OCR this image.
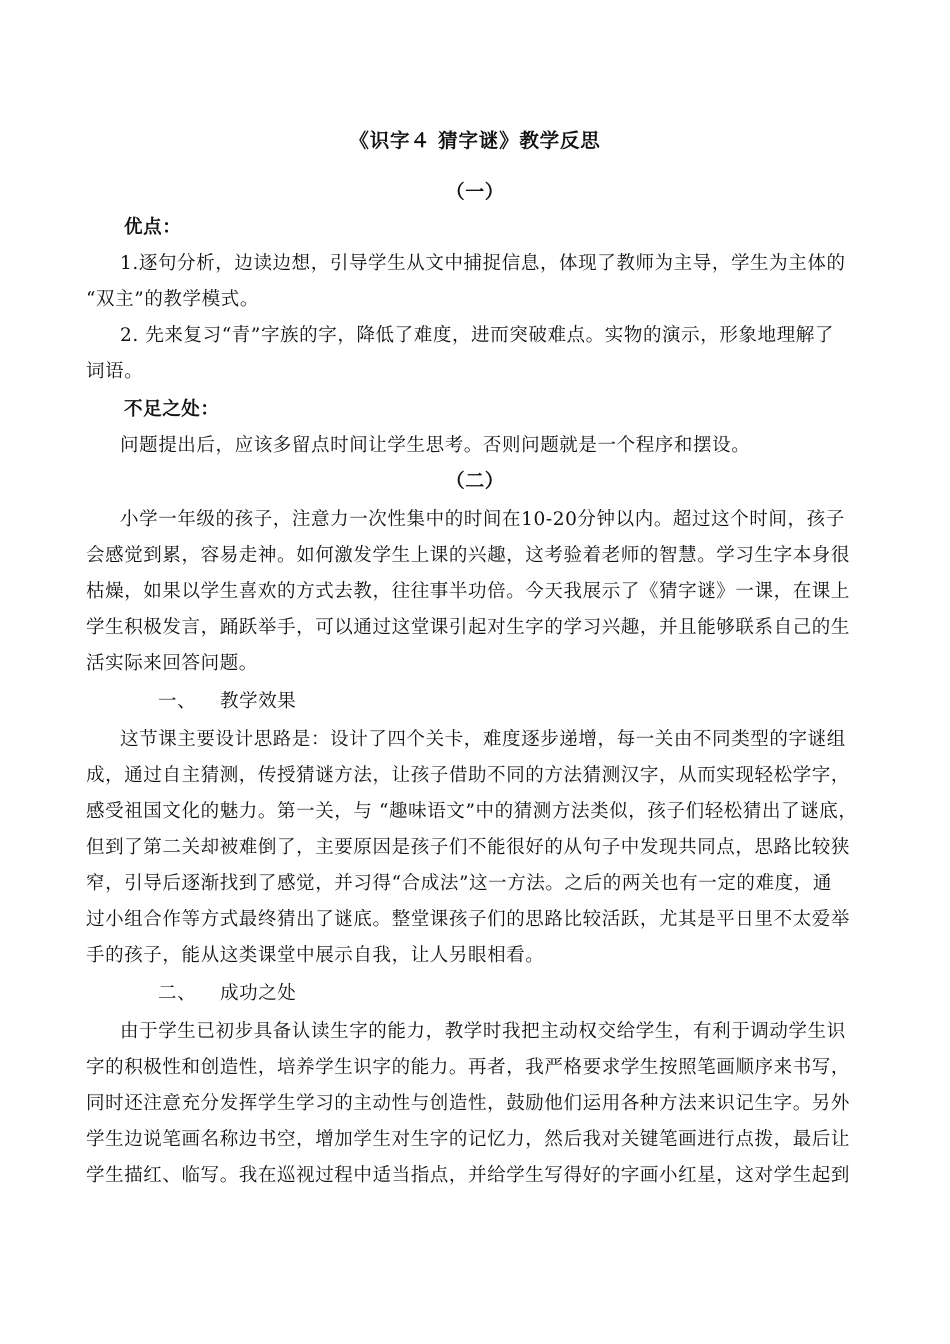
《识字４ 猜字谜》教学反思
（一）
优点：
1.逐句分析，边读边想，引导学生从文中捕捉信息，体现了教师为主导，学生为主体的
“双主”的教学模式。
2. 先来复习“青”字族的字，降低了难度，进而突破难点。实物的演示，形象地理解了
词语。
不足之处：
问题提出后，应该多留点时间让学生思考。否则问题就是一个程序和摆设。
（二）
小学一年级的孩子，注意力一次性集中的时间在10-20分钟以内。超过这个时间，孩子
会感觉到累，容易走神。如何激发学生上课的兴趣，这考验着老师的智慧。学习生字本身很
枯燥，如果以学生喜欢的方式去教，往往事半功倍。今天我展示了《猜字谜》一课，在课上
学生积极发言，踊跃举手，可以通过这堂课引起对生字的学习兴趣，并且能够联系自己的生
活实际来回答问题。
一、 教学效果
这节课主要设计思路是：设计了四个关卡，难度逐步递增，每一关由不同类型的字谜组
成，通过自主猜测，传授猜谜方法，让孩子借助不同的方法猜测汉字，从而实现轻松学字，
感受祖国文化的魅力。第一关，与 “趣味语文”中的猜测方法类似，孩子们轻松猜出了谜底，
但到了第二关却被难倒了，主要原因是孩子们不能很好的从句子中发现共同点，思路比较狭
窄，引导后逐渐找到了感觉，并习得“合成法”这一方法。之后的两关也有一定的难度，通
过小组合作等方式最终猜出了谜底。整堂课孩子们的思路比较活跃，尤其是平日里不太爱举
手的孩子，能从这类课堂中展示自我，让人另眼相看。
二、 成功之处
由于学生已初步具备认读生字的能力，教学时我把主动权交给学生，有利于调动学生识
字的积极性和创造性，培养学生识字的能力。再者，我严格要求学生按照笔画顺序来书写，
同时还注意充分发挥学生学习的主动性与创造性，鼓励他们运用各种方法来识记生字。另外
学生边说笔画名称边书空，增加学生对生字的记忆力，然后我对关键笔画进行点拨，最后让
学生描红、临写。我在巡视过程中适当指点，并给学生写得好的字画小红星，这对学生起到
